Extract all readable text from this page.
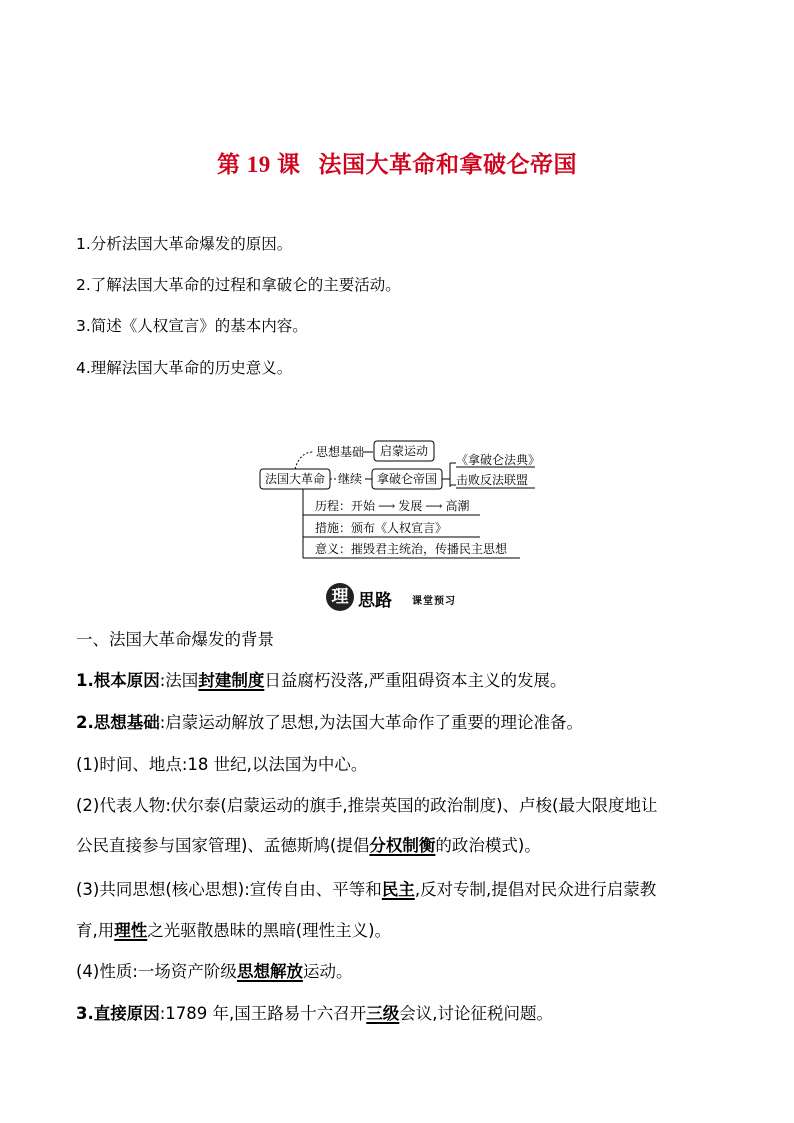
第 19 课 法国大革命和拿破仑帝国
1.分析法国大革命爆发的原因。
2.了解法国大革命的过程和拿破仑的主要活动。
3.简述《人权宣言》的基本内容。
4.理解法国大革命的历史意义。
法国大革命
思想基础 启蒙运动
继续 拿破仑帝国
《拿破仑法典》
击败反法联盟
历程：开始 ⟶ 发展 ⟶ 高潮
措施：颁布《人权宣言》
意义：摧毁君主统治，传播民主思想
理 思路 课堂预习
一、法国大革命爆发的背景
1.根本原因:法国封建制度日益腐朽没落,严重阻碍资本主义的发展。
2.思想基础:启蒙运动解放了思想,为法国大革命作了重要的理论准备。
(1)时间、地点:18 世纪,以法国为中心。
(2)代表人物:伏尔泰(启蒙运动的旗手,推崇英国的政治制度)、卢梭(最大限度地让
公民直接参与国家管理)、孟德斯鸠(提倡分权制衡的政治模式)。
(3)共同思想(核心思想):宣传自由、平等和民主,反对专制,提倡对民众进行启蒙教
育,用理性之光驱散愚昧的黑暗(理性主义)。
(4)性质:一场资产阶级思想解放运动。
3.直接原因:1789 年,国王路易十六召开三级会议,讨论征税问题。
